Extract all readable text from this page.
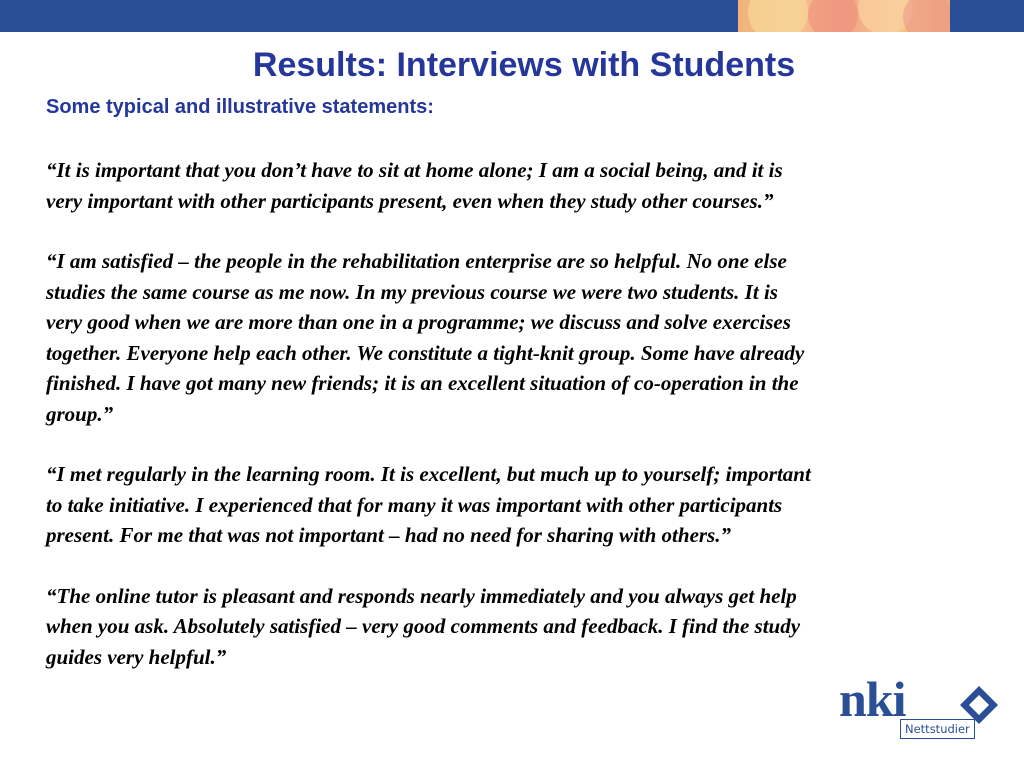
Results: Interviews with Students

Some typical and illustrative statements:

“It is important that you don’t have to sit at home alone; I am a social being, and it is
very important with other participants present, even when they study other courses.”

“I am satisfied – the people in the rehabilitation enterprise are so helpful. No one else
studies the same course as me now. In my previous course we were two students. It is
very good when we are more than one in a programme; we discuss and solve exercises
together. Everyone help each other. We constitute a tight-knit group. Some have already
finished. I have got many new friends; it is an excellent situation of co-operation in the
group.”

“I met regularly in the learning room. It is excellent, but much up to yourself; important
to take initiative. I experienced that for many it was important with other participants
present. For me that was not important – had no need for sharing with others.”

“The online tutor is pleasant and responds nearly immediately and you always get help
when you ask. Absolutely satisfied – very good comments and feedback. I find the study
guides very helpful.”

nki
Nettstudier
